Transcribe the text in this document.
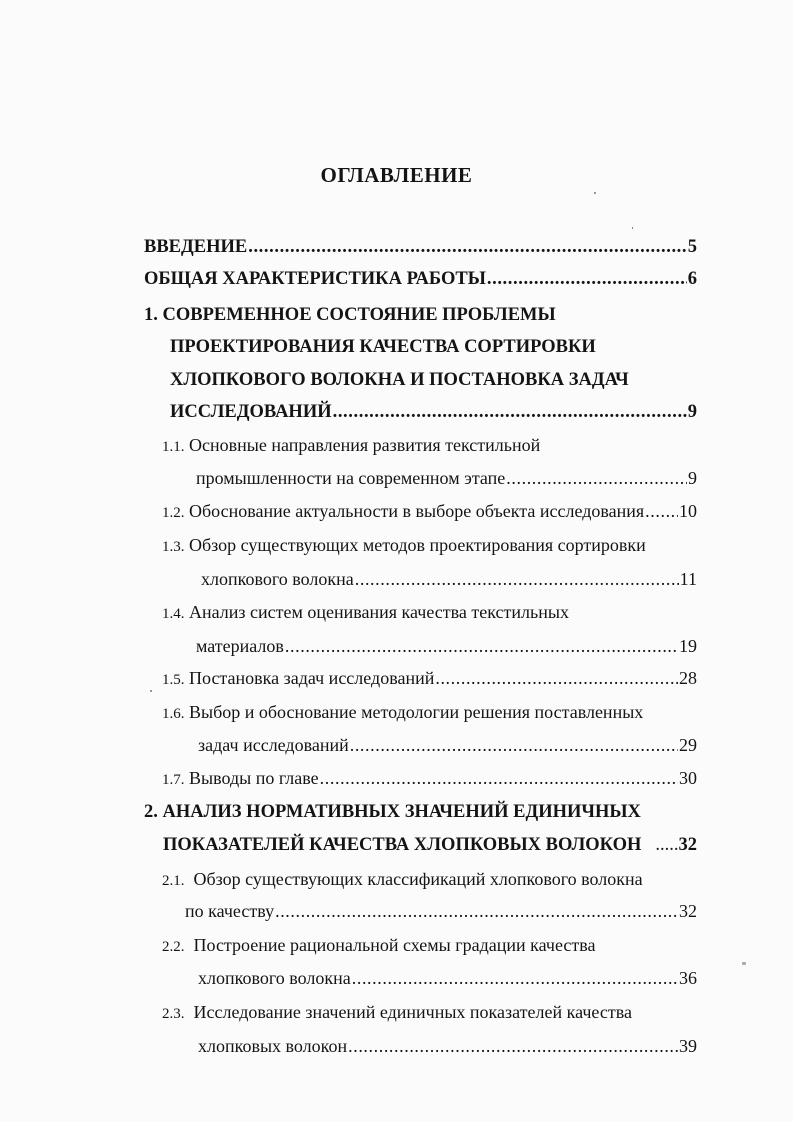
ОГЛАВЛЕНИЕ
ВВЕДЕНИЕ .....	5
ОБЩАЯ ХАРАКТЕРИСТИКА РАБОТЫ .....	6
1. СОВРЕМЕННОЕ СОСТОЯНИЕ ПРОБЛЕМЫ
ПРОЕКТИРОВАНИЯ КАЧЕСТВА СОРТИРОВКИ
ХЛОПКОВОГО ВОЛОКНА И ПОСТАНОВКА ЗАДАЧ
ИССЛЕДОВАНИЙ .....	9
1.1. Основные направления развития текстильной
промышленности на современном этапе .....	9
1.2. Обоснование актуальности в выборе объекта исследования ..... 10
1.3. Обзор существующих методов проектирования сортировки
хлопкового волокна .....	11
1.4. Анализ систем оценивания качества текстильных
материалов .....	19
1.5. Постановка задач исследований .....	28
1.6. Выбор и обоснование методологии решения поставленных
задач исследований .....	29
1.7. Выводы по главе .....	30
2. АНАЛИЗ НОРМАТИВНЫХ ЗНАЧЕНИЙ ЕДИНИЧНЫХ
ПОКАЗАТЕЛЕЙ КАЧЕСТВА ХЛОПКОВЫХ ВОЛОКОН .....32
2.1. Обзор существующих классификаций хлопкового волокна
по качеству .....	32
2.2. Построение рациональной схемы градации качества
хлопкового волокна .....	36
2.3. Исследование значений единичных показателей качества
хлопковых волокон .....	39
